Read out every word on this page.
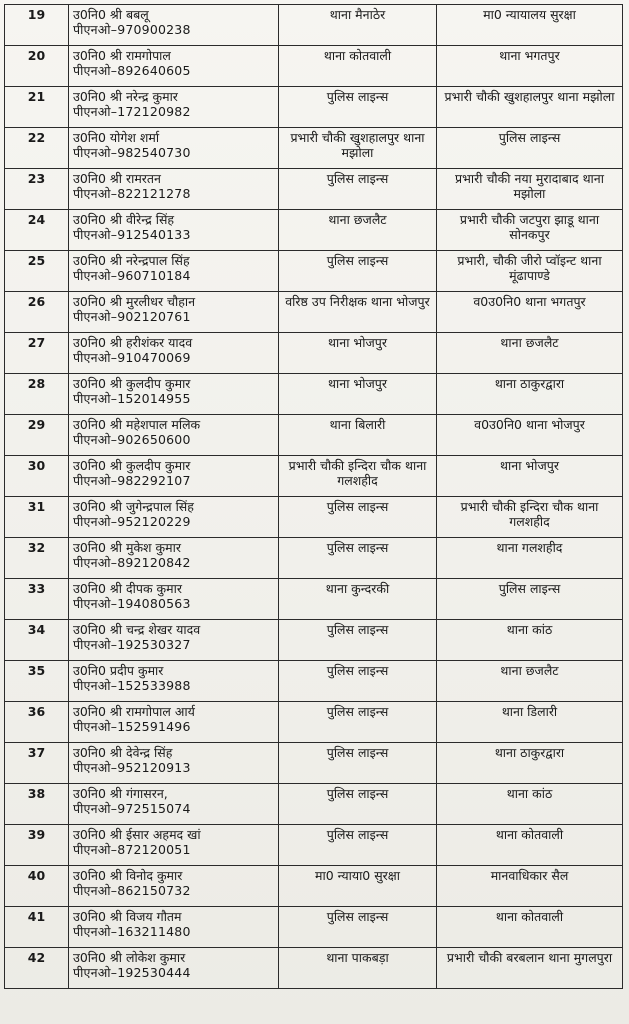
19	उ0नि0 श्री बबलू
पीएनओ–970900238	थाना मैनाठेर	मा0 न्यायालय सुरक्षा
20	उ0नि0 श्री रामगोपाल
पीएनओ–892640605	थाना कोतवाली	थाना भगतपुर
21	उ0नि0 श्री नरेन्द्र कुमार
पीएनओ–172120982	पुलिस लाइन्स	प्रभारी चौकी खुशहालपुर थाना मझोला
22	उ0नि0 योगेश शर्मा
पीएनओ–982540730	प्रभारी चौकी खुशहालपुर थाना मझोला	पुलिस लाइन्स
23	उ0नि0 श्री रामरतन
पीएनओ–822121278	पुलिस लाइन्स	प्रभारी चौकी नया मुरादाबाद थाना मझोला
24	उ0नि0 श्री वीरेन्द्र सिंह
पीएनओ–912540133	थाना छजलैट	प्रभारी चौकी जटपुरा झाडू थाना सोनकपुर
25	उ0नि0 श्री नरेन्द्रपाल सिंह
पीएनओ–960710184	पुलिस लाइन्स	प्रभारी, चौकी जीरो प्वॉइन्ट थाना मूंढापाण्डे
26	उ0नि0 श्री मुरलीधर चौहान
पीएनओ–902120761	वरिष्ठ उप निरीक्षक थाना भोजपुर	व0उ0नि0 थाना भगतपुर
27	उ0नि0 श्री हरीशंकर यादव
पीएनओ–910470069	थाना भोजपुर	थाना छजलैट
28	उ0नि0 श्री कुलदीप कुमार
पीएनओ–152014955	थाना भोजपुर	थाना ठाकुरद्वारा
29	उ0नि0 श्री महेशपाल मलिक
पीएनओ–902650600	थाना बिलारी	व0उ0नि0 थाना भोजपुर
30	उ0नि0 श्री कुलदीप कुमार
पीएनओ–982292107	प्रभारी चौकी इन्दिरा चौक थाना गलशहीद	थाना भोजपुर
31	उ0नि0 श्री जुगेन्द्रपाल सिंह
पीएनओ–952120229	पुलिस लाइन्स	प्रभारी चौकी इन्दिरा चौक थाना गलशहीद
32	उ0नि0 श्री मुकेश कुमार
पीएनओ–892120842	पुलिस लाइन्स	थाना गलशहीद
33	उ0नि0 श्री दीपक कुमार
पीएनओ–194080563	थाना कुन्दरकी	पुलिस लाइन्स
34	उ0नि0 श्री चन्द्र शेखर यादव
पीएनओ–192530327	पुलिस लाइन्स	थाना कांठ
35	उ0नि0 प्रदीप कुमार
पीएनओ–152533988	पुलिस लाइन्स	थाना छजलैट
36	उ0नि0 श्री रामगोपाल आर्य
पीएनओ–152591496	पुलिस लाइन्स	थाना डिलारी
37	उ0नि0 श्री देवेन्द्र सिंह
पीएनओ–952120913	पुलिस लाइन्स	थाना ठाकुरद्वारा
38	उ0नि0 श्री गंगासरन,
पीएनओ–972515074	पुलिस लाइन्स	थाना कांठ
39	उ0नि0 श्री ईसार अहमद खां
पीएनओ–872120051	पुलिस लाइन्स	थाना कोतवाली
40	उ0नि0 श्री विनोद कुमार
पीएनओ–862150732	मा0 न्याया0 सुरक्षा	मानवाधिकार सैल
41	उ0नि0 श्री विजय गौतम
पीएनओ–163211480	पुलिस लाइन्स	थाना कोतवाली
42	उ0नि0 श्री लोकेश कुमार
पीएनओ–192530444	थाना पाकबड़ा	प्रभारी चौकी बरबलान थाना मुगलपुरा
